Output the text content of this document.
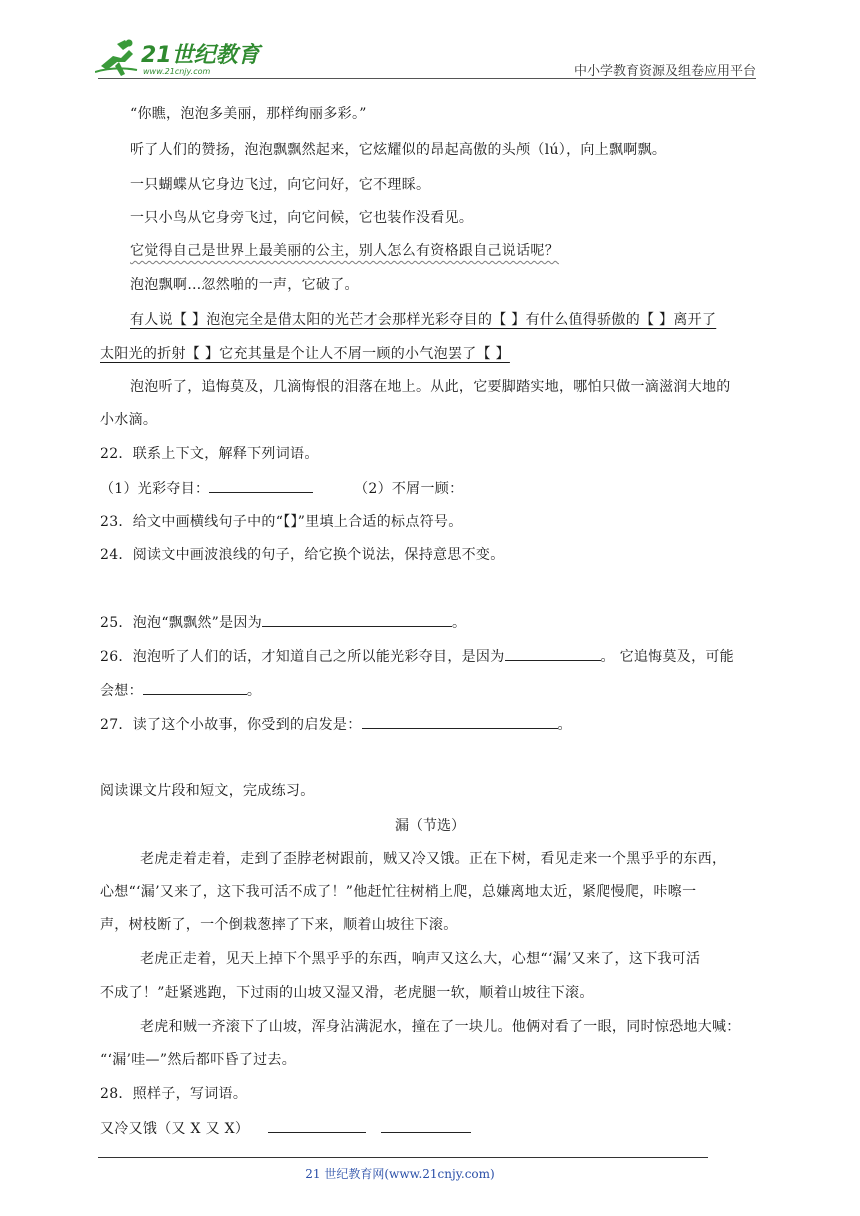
21世纪教育
www.21cnjy.com	中小学教育资源及组卷应用平台
“你瞧，泡泡多美丽，那样绚丽多彩。”
听了人们的赞扬，泡泡飘飘然起来，它炫耀似的昂起高傲的头颅（lú），向上飘啊飘。
一只蝴蝶从它身边飞过，向它问好，它不理睬。
一只小鸟从它身旁飞过，向它问候，它也装作没看见。
它觉得自己是世界上最美丽的公主，别人怎么有资格跟自己说话呢？
泡泡飘啊…忽然啪的一声，它破了。
有人说【 】泡泡完全是借太阳的光芒才会那样光彩夺目的【 】有什么值得骄傲的【 】离开了
太阳光的折射【 】它充其量是个让人不屑一顾的小气泡罢了【 】
泡泡听了，追悔莫及，几滴悔恨的泪落在地上。从此，它要脚踏实地，哪怕只做一滴滋润大地的
小水滴。
22．联系上下文，解释下列词语。
（1）光彩夺目：	（2）不屑一顾：
23．给文中画横线句子中的“【】”里填上合适的标点符号。
24．阅读文中画波浪线的句子，给它换个说法，保持意思不变。
25．泡泡“飘飘然”是因为	。
26．泡泡听了人们的话，才知道自己之所以能光彩夺目，是因为	。 它追悔莫及，可能
会想：	。
27．读了这个小故事，你受到的启发是：	。
阅读课文片段和短文，完成练习。
漏（节选）
老虎走着走着，走到了歪脖老树跟前，贼又冷又饿。正在下树，看见走来一个黑乎乎的东西，
心想“‘漏’又来了，这下我可活不成了！”他赶忙往树梢上爬，总嫌离地太近，紧爬慢爬，咔嚓一
声，树枝断了，一个倒栽葱摔了下来，顺着山坡往下滚。
老虎正走着，见天上掉下个黑乎乎的东西，响声又这么大，心想“‘漏’又来了，这下我可活
不成了！”赶紧逃跑，下过雨的山坡又湿又滑，老虎腿一软，顺着山坡往下滚。
老虎和贼一齐滚下了山坡，浑身沾满泥水，撞在了一块儿。他俩对看了一眼，同时惊恐地大喊：
“‘漏’哇—”然后都吓昏了过去。
28．照样子，写词语。
又冷又饿（又 X 又 X）
21 世纪教育网(www.21cnjy.com)
